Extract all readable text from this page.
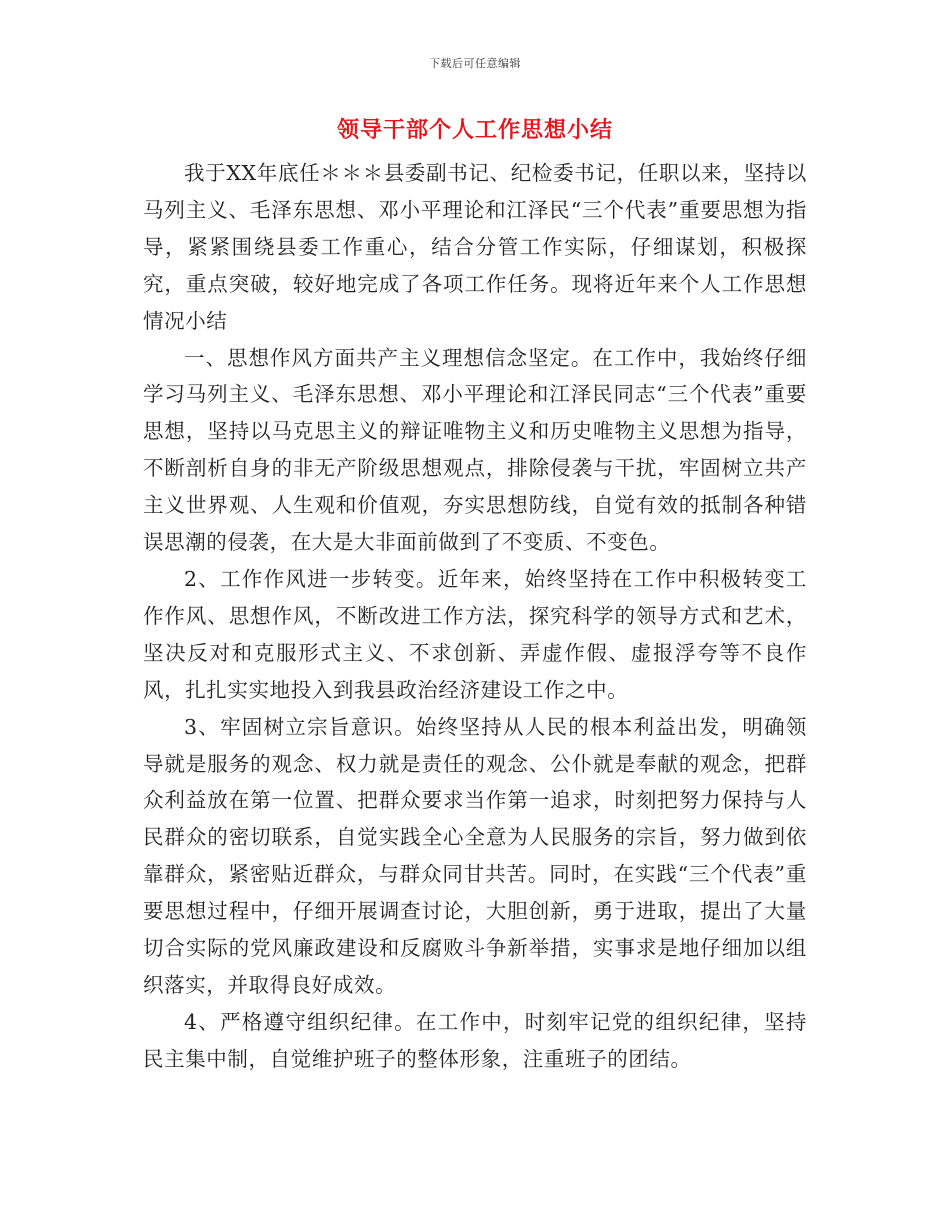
下载后可任意编辑
领导干部个人工作思想小结

我于XX年底任＊＊＊县委副书记、纪检委书记，任职以来，坚持以马列主义、毛泽东思想、邓小平理论和江泽民“三个代表”重要思想为指导，紧紧围绕县委工作重心，结合分管工作实际，仔细谋划，积极探究，重点突破，较好地完成了各项工作任务。现将近年来个人工作思想情况小结

一、思想作风方面共产主义理想信念坚定。在工作中，我始终仔细学习马列主义、毛泽东思想、邓小平理论和江泽民同志“三个代表”重要思想，坚持以马克思主义的辩证唯物主义和历史唯物主义思想为指导，不断剖析自身的非无产阶级思想观点，排除侵袭与干扰，牢固树立共产主义世界观、人生观和价值观，夯实思想防线，自觉有效的抵制各种错误思潮的侵袭，在大是大非面前做到了不变质、不变色。

2、工作作风进一步转变。近年来，始终坚持在工作中积极转变工作作风、思想作风，不断改进工作方法，探究科学的领导方式和艺术，坚决反对和克服形式主义、不求创新、弄虚作假、虚报浮夸等不良作风，扎扎实实地投入到我县政治经济建设工作之中。

3、牢固树立宗旨意识。始终坚持从人民的根本利益出发，明确领导就是服务的观念、权力就是责任的观念、公仆就是奉献的观念，把群众利益放在第一位置、把群众要求当作第一追求，时刻把努力保持与人民群众的密切联系，自觉实践全心全意为人民服务的宗旨，努力做到依靠群众，紧密贴近群众，与群众同甘共苦。同时，在实践“三个代表”重要思想过程中，仔细开展调查讨论，大胆创新，勇于进取，提出了大量切合实际的党风廉政建设和反腐败斗争新举措，实事求是地仔细加以组织落实，并取得良好成效。

4、严格遵守组织纪律。在工作中，时刻牢记党的组织纪律，坚持民主集中制，自觉维护班子的整体形象，注重班子的团结。
